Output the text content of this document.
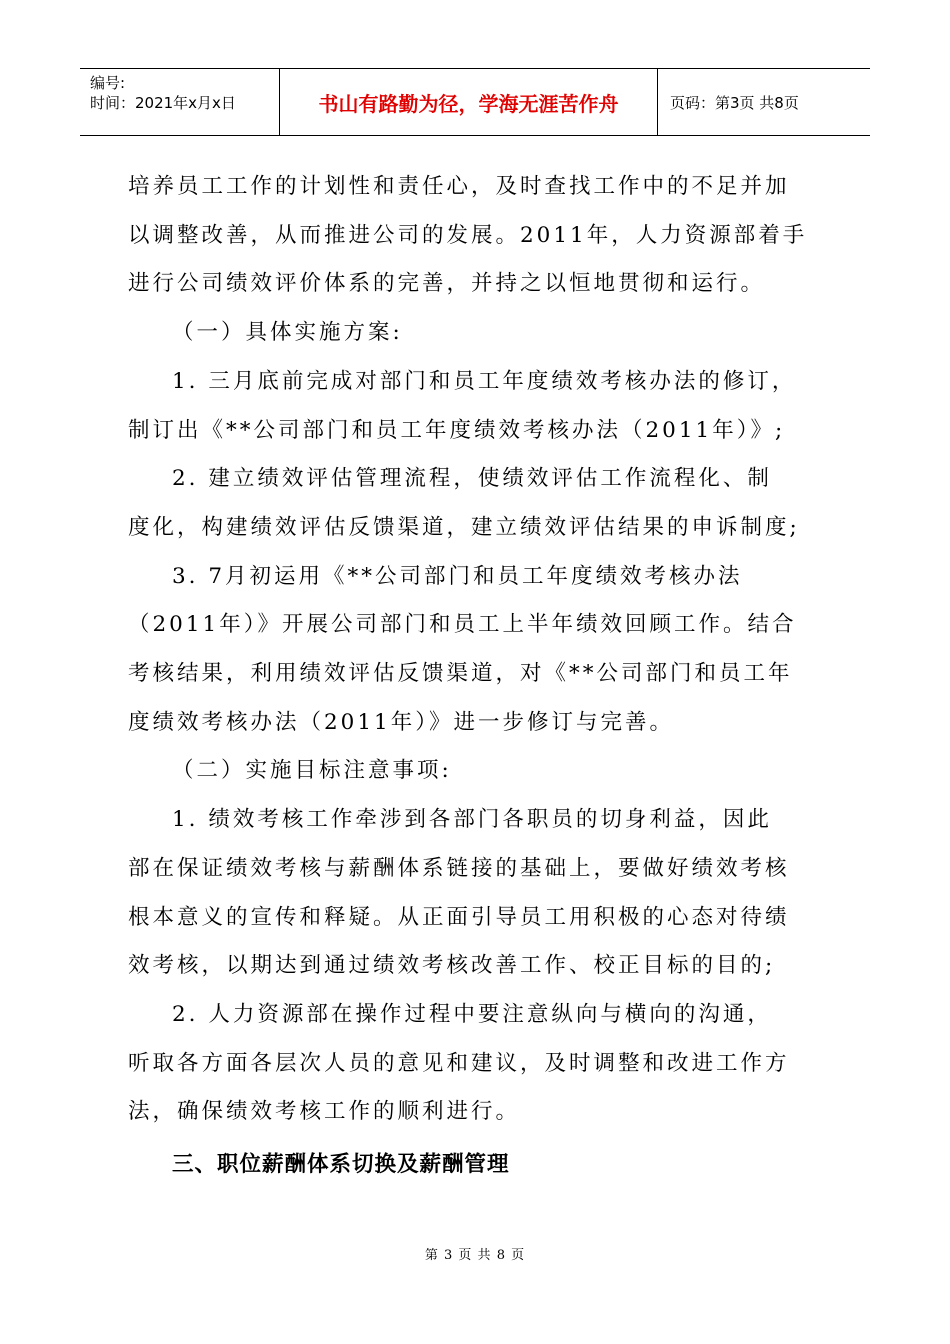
编号:
时间：2021年x月x日	书山有路勤为径，学海无涯苦作舟	页码：第3页 共8页

培养员工工作的计划性和责任心，及时查找工作中的不足并加

以调整改善，从而推进公司的发展。2011年，人力资源部着手

进行公司绩效评价体系的完善，并持之以恒地贯彻和运行。

（一）具体实施方案:

1. 三月底前完成对部门和员工年度绩效考核办法的修订，

制订出《**公司部门和员工年度绩效考核办法（2011年）》;

2. 建立绩效评估管理流程，使绩效评估工作流程化、制

度化，构建绩效评估反馈渠道，建立绩效评估结果的申诉制度;

3. 7月初运用《**公司部门和员工年度绩效考核办法

（2011年）》开展公司部门和员工上半年绩效回顾工作。结合

考核结果，利用绩效评估反馈渠道，对《**公司部门和员工年

度绩效考核办法（2011年）》进一步修订与完善。

（二）实施目标注意事项:

1. 绩效考核工作牵涉到各部门各职员的切身利益，因此

部在保证绩效考核与薪酬体系链接的基础上，要做好绩效考核

根本意义的宣传和释疑。从正面引导员工用积极的心态对待绩

效考核，以期达到通过绩效考核改善工作、校正目标的目的;

2. 人力资源部在操作过程中要注意纵向与横向的沟通，

听取各方面各层次人员的意见和建议，及时调整和改进工作方

法，确保绩效考核工作的顺利进行。

三、职位薪酬体系切换及薪酬管理

第 3 页 共 8 页
